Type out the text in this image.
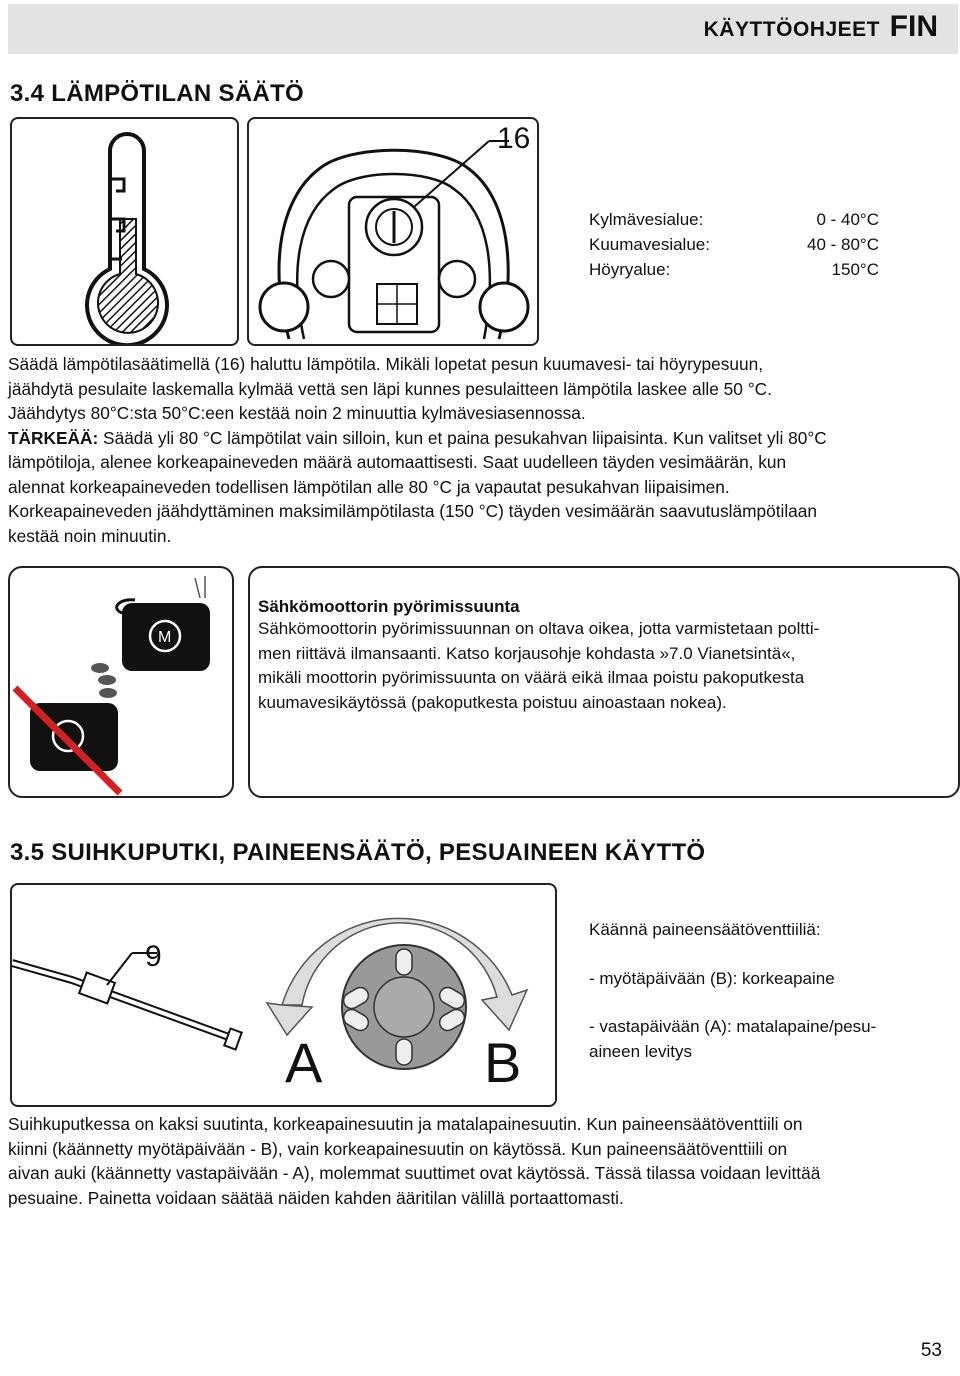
KÄYTTÖOHJEET FIN
3.4 LÄMPÖTILAN SÄÄTÖ
16
Kylmävesialue:	0 - 40°C
Kuumavesialue:	40 - 80°C
Höyryalue:	150°C

Säädä lämpötilasäätimellä (16) haluttu lämpötila. Mikäli lopetat pesun kuumavesi- tai höyrypesuun,

jäähdytä pesulaite laskemalla kylmää vettä sen läpi kunnes pesulaitteen lämpötila laskee alle 50 °C.

Jäähdytys 80°C:sta 50°C:een kestää noin 2 minuuttia kylmävesiasennossa.

TÄRKEÄÄ: Säädä yli 80 °C lämpötilat vain silloin, kun et paina pesukahvan liipaisinta. Kun valitset yli 80°C

lämpötiloja, alenee korkeapaineveden määrä automaattisesti. Saat uudelleen täyden vesimäärän, kun

alennat korkeapaineveden todellisen lämpötilan alle 80 °C ja vapautat pesukahvan liipaisimen.

Korkeapaineveden jäähdyttäminen maksimilämpötilasta (150 °C) täyden vesimäärän saavutuslämpötilaan

kestää noin minuutin.

M
Sähkömoottorin pyörimissuunta
Sähkömoottorin pyörimissuunnan on oltava oikea, jotta varmistetaan poltti-
men riittävä ilmansaanti. Katso korjausohje kohdasta »7.0 Vianetsintä«,
mikäli moottorin pyörimissuunta on väärä eikä ilmaa poistu pakoputkesta
kuumavesikäytössä (pakoputkesta poistuu ainoastaan nokea).
3.5 SUIHKUPUTKI, PAINEENSÄÄTÖ, PESUAINEEN KÄYTTÖ
9
A	B
Käännä paineensäätöventtiiliä:
- myötäpäivään (B): korkeapaine
- vastapäivään (A): matalapaine/pesu-
aineen levitys

Suihkuputkessa on kaksi suutinta, korkeapainesuutin ja matalapainesuutin. Kun paineensäätöventtiili on

kiinni (käännetty myötäpäivään - B), vain korkeapainesuutin on käytössä. Kun paineensäätöventtiili on

aivan auki (käännetty vastapäivään - A), molemmat suuttimet ovat käytössä. Tässä tilassa voidaan levittää

pesuaine. Painetta voidaan säätää näiden kahden ääritilan välillä portaattomasti.

53
